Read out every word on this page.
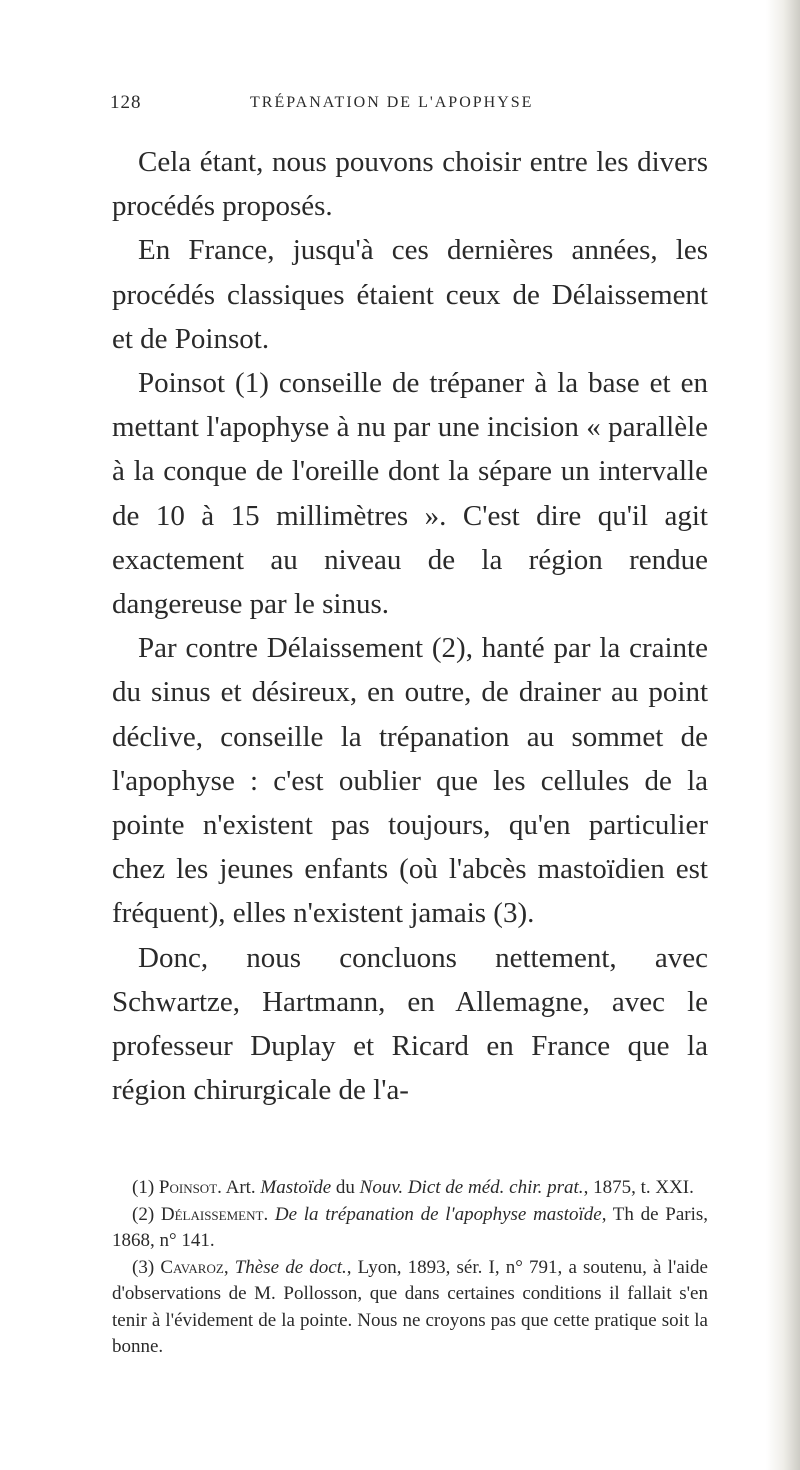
128	TRÉPANATION DE L'APOPHYSE

Cela étant, nous pouvons choisir entre les divers procédés proposés.

En France, jusqu'à ces dernières années, les procédés classiques étaient ceux de Délaissement et de Poinsot.

Poinsot (1) conseille de trépaner à la base et en mettant l'apophyse à nu par une incision « parallèle à la conque de l'oreille dont la sépare un intervalle de 10 à 15 millimètres ». C'est dire qu'il agit exactement au niveau de la région rendue dangereuse par le sinus.

Par contre Délaissement (2), hanté par la crainte du sinus et désireux, en outre, de drainer au point déclive, conseille la trépanation au sommet de l'apophyse : c'est oublier que les cellules de la pointe n'existent pas toujours, qu'en particulier chez les jeunes enfants (où l'abcès mastoïdien est fréquent), elles n'existent jamais (3).

Donc, nous concluons nettement, avec Schwartze, Hartmann, en Allemagne, avec le professeur Duplay et Ricard en France que la région chirurgicale de l'a-

(1) Poinsot. Art. Mastoïde du Nouv. Dict de méd. chir. prat., 1875, t. XXI.

(2) Délaissement. De la trépanation de l'apophyse mastoïde, Th de Paris, 1868, n° 141.

(3) Cavaroz, Thèse de doct., Lyon, 1893, sér. I, n° 791, a soutenu, à l'aide d'observations de M. Pollosson, que dans certaines conditions il fallait s'en tenir à l'évidement de la pointe. Nous ne croyons pas que cette pratique soit la bonne.
